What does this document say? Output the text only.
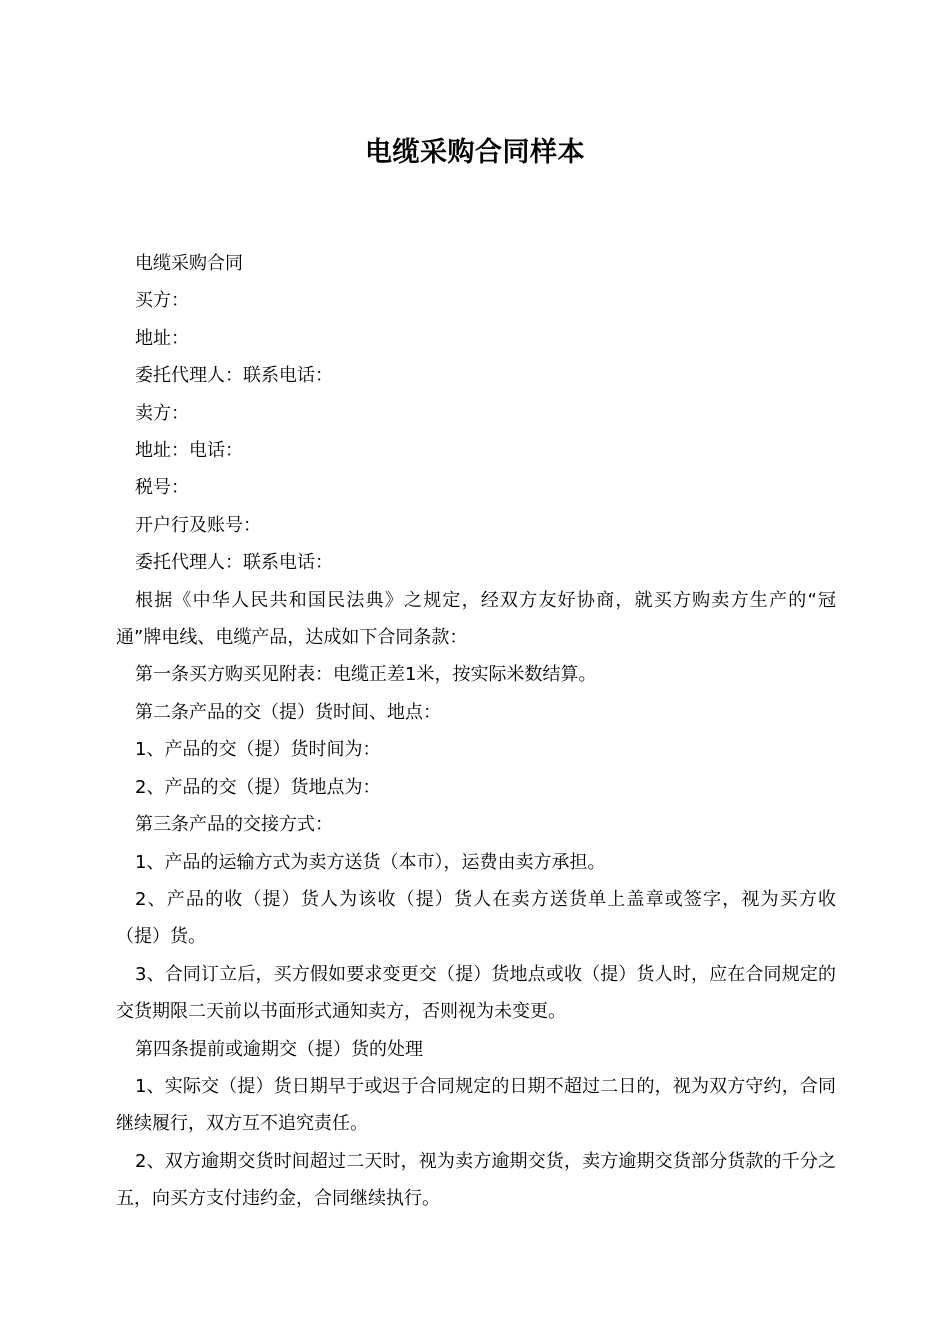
电缆采购合同样本

电缆采购合同

买方：

地址：

委托代理人：联系电话：

卖方：

地址：电话：

税号：

开户行及账号：

委托代理人：联系电话：

根据《中华人民共和国民法典》之规定，经双方友好协商，就买方购卖方生产的“冠通”牌电线、电缆产品，达成如下合同条款：

第一条买方购买见附表：电缆正差1米，按实际米数结算。

第二条产品的交（提）货时间、地点：

1、产品的交（提）货时间为：

2、产品的交（提）货地点为：

第三条产品的交接方式：

1、产品的运输方式为卖方送货（本市），运费由卖方承担。

2、产品的收（提）货人为该收（提）货人在卖方送货单上盖章或签字，视为买方收（提）货。

3、合同订立后，买方假如要求变更交（提）货地点或收（提）货人时，应在合同规定的交货期限二天前以书面形式通知卖方，否则视为未变更。

第四条提前或逾期交（提）货的处理

1、实际交（提）货日期早于或迟于合同规定的日期不超过二日的，视为双方守约，合同继续履行，双方互不追究责任。

2、双方逾期交货时间超过二天时，视为卖方逾期交货，卖方逾期交货部分货款的千分之五，向买方支付违约金，合同继续执行。
